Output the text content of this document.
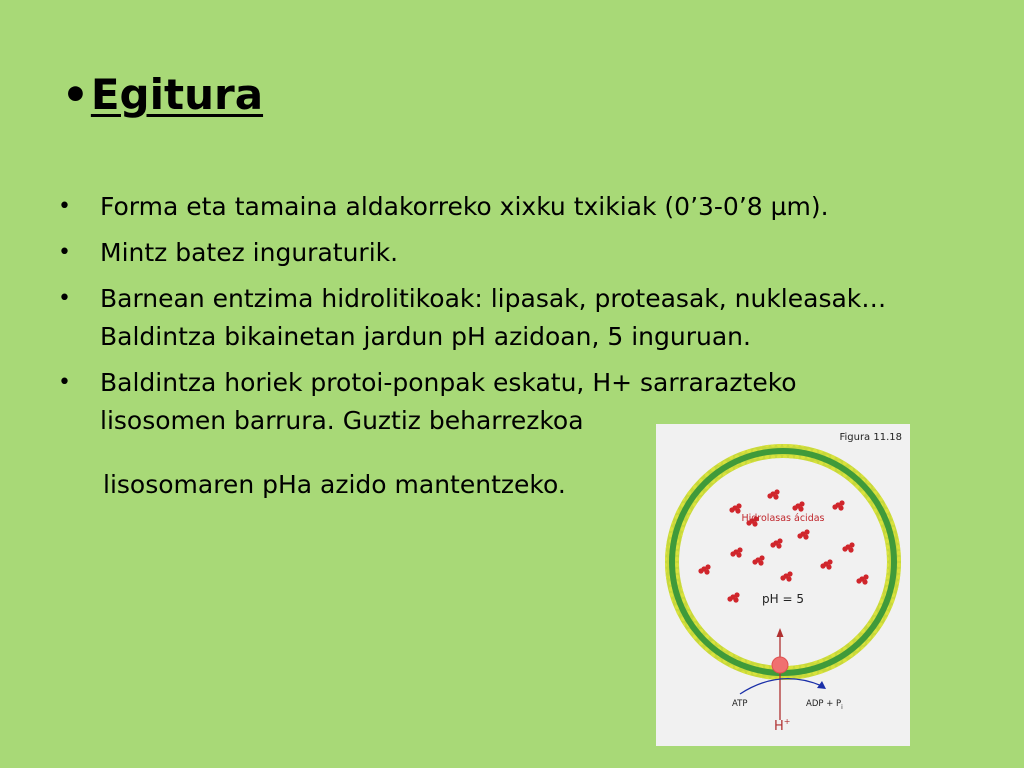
• Egitura
• Forma eta tamaina aldakorreko xixku txikiak (0’3-0’8 µm).
• Mintz batez inguraturik.
• Barnean entzima hidrolitikoak: lipasak, proteasak, nukleasak…
Baldintza bikainetan jardun pH azidoan, 5 inguruan.
• Baldintza horiek protoi-ponpak eskatu, H+ sarrarazteko
lisosomen barrura. Guztiz beharrezkoa
lisosomaren pHa azido mantentzeko.
Figura 11.18
Hidrolasas ácidas
pH = 5
ATP	ADP + $P_i$
H+
